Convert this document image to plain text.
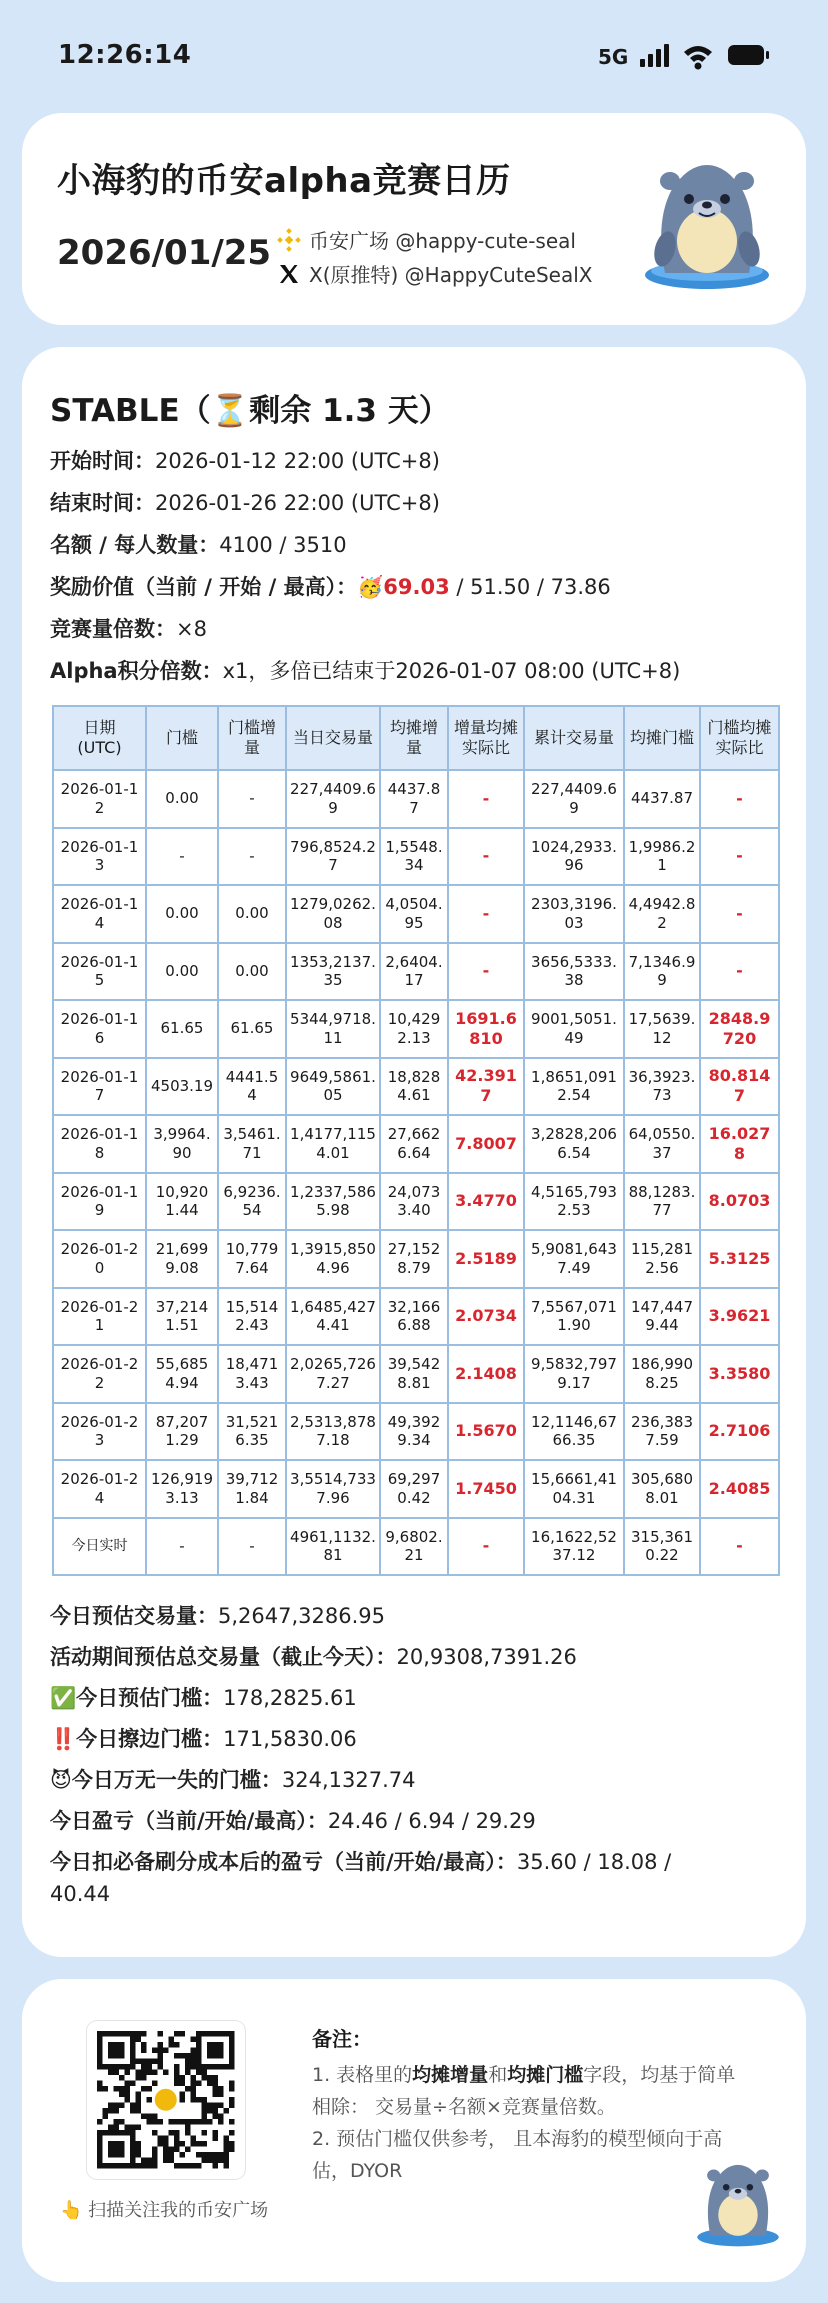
12:26:14	5G
小海豹的币安alpha竞赛日历
2026/01/25 币安广场 @happy-cute-seal
X(原推特) @HappyCuteSealX
STABLE（⏳剩余 1.3 天）
开始时间：2026-01-12 22:00 (UTC+8)
结束时间：2026-01-26 22:00 (UTC+8)
名额 / 每人数量：4100 / 3510
奖励价值（当前 / 开始 / 最高）：🥳69.03 / 51.50 / 73.86
竞赛量倍数：×8
Alpha积分倍数：x1，多倍已结束于2026-01-07 08:00 (UTC+8)
日期
(UTC)	门槛	门槛增量	当日交易量	均摊增量	增量均摊实际比	累计交易量	均摊门槛	门槛均摊实际比
2026-01-12	0.00	-	227,4409.69	4437.87	-	227,4409.69	4437.87	-
2026-01-13	-	-	796,8524.27	1,5548.34	-	1024,2933.96	1,9986.21	-
2026-01-14	0.00	0.00	1279,0262.08	4,0504.95	-	2303,3196.03	4,4942.82	-
2026-01-15	0.00	0.00	1353,2137.35	2,6404.17	-	3656,5333.38	7,1346.99	-
2026-01-16	61.65	61.65	5344,9718.11	10,4292.13	1691.6810	9001,5051.49	17,5639.12	2848.9720
2026-01-17	4503.19	4441.54	9649,5861.05	18,8284.61	42.3917	1,8651,0912.54	36,3923.73	80.8147
2026-01-18	3,9964.90	3,5461.71	1,4177,1154.01	27,6626.64	7.8007	3,2828,2066.54	64,0550.37	16.0278
2026-01-19	10,9201.44	6,9236.54	1,2337,5865.98	24,0733.40	3.4770	4,5165,7932.53	88,1283.77	8.0703
2026-01-20	21,6999.08	10,7797.64	1,3915,8504.96	27,1528.79	2.5189	5,9081,6437.49	115,2812.56	5.3125
2026-01-21	37,2141.51	15,5142.43	1,6485,4274.41	32,1666.88	2.0734	7,5567,0711.90	147,4479.44	3.9621
2026-01-22	55,6854.94	18,4713.43	2,0265,7267.27	39,5428.81	2.1408	9,5832,7979.17	186,9908.25	3.3580
2026-01-23	87,2071.29	31,5216.35	2,5313,8787.18	49,3929.34	1.5670	12,1146,6766.35	236,3837.59	2.7106
2026-01-24	126,9193.13	39,7121.84	3,5514,7337.96	69,2970.42	1.7450	15,6661,4104.31	305,6808.01	2.4085
今日实时	-	-	4961,1132.81	9,6802.21	-	16,1622,5237.12	315,3610.22	-
今日预估交易量：5,2647,3286.95
活动期间预估总交易量（截止今天）：20,9308,7391.26
✅今日预估门槛：178,2825.61
‼️今日擦边门槛：171,5830.06
😈今日万无一失的门槛：324,1327.74
今日盈亏（当前/开始/最高）：24.46 / 6.94 / 29.29
今日扣必备刷分成本后的盈亏（当前/开始/最高）：35.60 / 18.08 /
40.44
👆 扫描关注我的币安广场
备注：
1. 表格里的均摊增量和均摊门槛字段，均基于简单
相除： 交易量÷名额×竞赛量倍数。
2. 预估门槛仅供参考， 且本海豹的模型倾向于高
估，DYOR
